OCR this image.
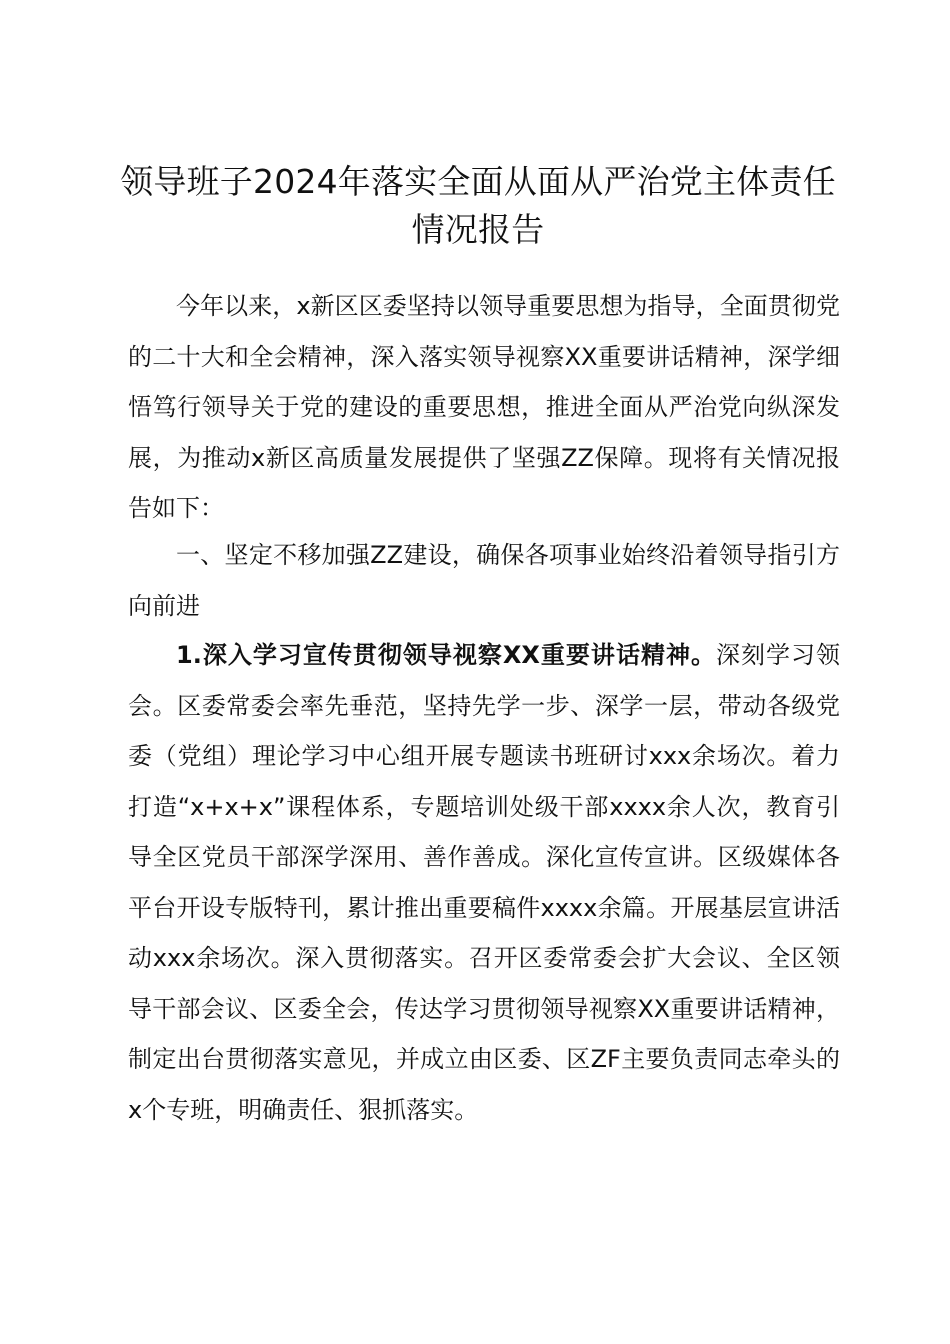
领导班子2024年落实全面从面从严治党主体责任情况报告
今年以来，x新区区委坚持以领导重要思想为指导，全面贯彻党的二十大和全会精神，深入落实领导视察XX重要讲话精神，深学细悟笃行领导关于党的建设的重要思想，推进全面从严治党向纵深发展，为推动x新区高质量发展提供了坚强ZZ保障。现将有关情况报告如下：
一、坚定不移加强ZZ建设，确保各项事业始终沿着领导指引方向前进
1.深入学习宣传贯彻领导视察XX重要讲话精神。深刻学习领会。区委常委会率先垂范，坚持先学一步、深学一层，带动各级党委（党组）理论学习中心组开展专题读书班研讨xxx余场次。着力打造“x+x+x”课程体系，专题培训处级干部xxxx余人次，教育引导全区党员干部深学深用、善作善成。深化宣传宣讲。区级媒体各平台开设专版特刊，累计推出重要稿件xxxx余篇。开展基层宣讲活动xxx余场次。深入贯彻落实。召开区委常委会扩大会议、全区领导干部会议、区委全会，传达学习贯彻领导视察XX重要讲话精神，制定出台贯彻落实意见，并成立由区委、区ZF主要负责同志牵头的x个专班，明确责任、狠抓落实。
